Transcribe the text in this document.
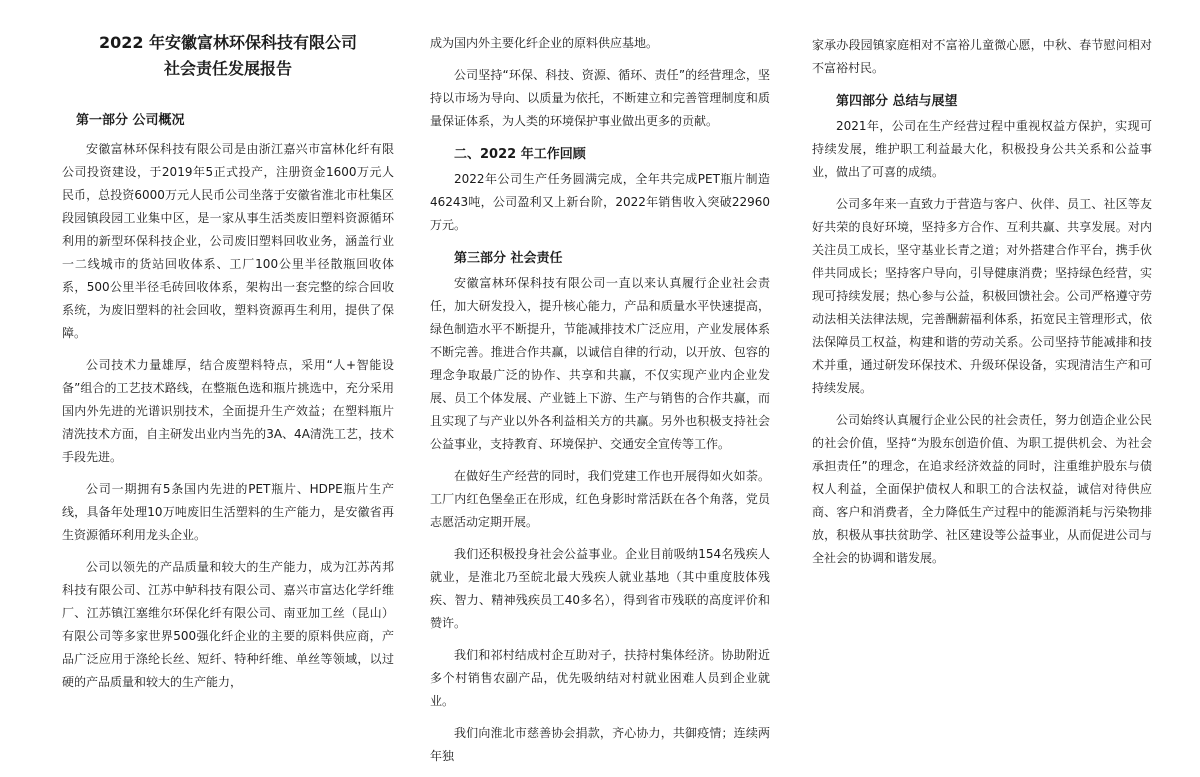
2022 年安徽富林环保科技有限公司
社会责任发展报告
第一部分 公司概况

安徽富林环保科技有限公司是由浙江嘉兴市富林化纤有限公司投资建设，于2019年5正式投产，注册资金1600万元人民币，总投资6000万元人民币公司坐落于安徽省淮北市杜集区段园镇段园工业集中区，是一家从事生活类废旧塑料资源循环利用的新型环保科技企业，公司废旧塑料回收业务，涵盖行业一二线城市的货站回收体系、工厂100公里半径散瓶回收体系，500公里半径毛砖回收体系，架构出一套完整的综合回收系统，为废旧塑料的社会回收，塑料资源再生利用，提供了保障。

公司技术力量雄厚，结合废塑料特点，采用“人+智能设备”组合的工艺技术路线，在整瓶色选和瓶片挑选中，充分采用国内外先进的光谱识别技术，全面提升生产效益；在塑料瓶片清洗技术方面，自主研发出业内当先的3A、4A清洗工艺，技术手段先进。

公司一期拥有5条国内先进的PET瓶片、HDPE瓶片生产线，具备年处理10万吨废旧生活塑料的生产能力，是安徽省再生资源循环利用龙头企业。

公司以领先的产品质量和较大的生产能力，成为江苏芮邦科技有限公司、江苏中鲈科技有限公司、嘉兴市富达化学纤维厂、江苏镇江塞维尔环保化纤有限公司、南亚加工丝（昆山）有限公司等多家世界500强化纤企业的主要的原料供应商，产品广泛应用于涤纶长丝、短纤、特种纤维、单丝等领域，以过硬的产品质量和较大的生产能力，

成为国内外主要化纤企业的原料供应基地。

公司坚持“环保、科技、资源、循环、责任”的经营理念，坚持以市场为导向、以质量为依托，不断建立和完善管理制度和质量保证体系，为人类的环境保护事业做出更多的贡献。

二、2022 年工作回顾

2022年公司生产任务圆满完成，全年共完成PET瓶片制造46243吨，公司盈利又上新台阶，2022年销售收入突破22960万元。

第三部分 社会责任

安徽富林环保科技有限公司一直以来认真履行企业社会责任，加大研发投入，提升核心能力，产品和质量水平快速提高，绿色制造水平不断提升，节能减排技术广泛应用，产业发展体系不断完善。推进合作共赢，以诚信自律的行动，以开放、包容的理念争取最广泛的协作、共享和共赢，不仅实现产业内企业发展、员工个体发展、产业链上下游、生产与销售的合作共赢，而且实现了与产业以外各利益相关方的共赢。另外也积极支持社会公益事业，支持教育、环境保护、交通安全宣传等工作。

在做好生产经营的同时，我们党建工作也开展得如火如荼。工厂内红色堡垒正在形成，红色身影时常活跃在各个角落，党员志愿活动定期开展。

我们还积极投身社会公益事业。企业目前吸纳154名残疾人就业，是淮北乃至皖北最大残疾人就业基地（其中重度肢体残疾、智力、精神残疾员工40多名），得到省市残联的高度评价和赞许。

我们和祁村结成村企互助对子，扶持村集体经济。协助附近多个村销售农副产品，优先吸纳结对村就业困难人员到企业就业。

我们向淮北市慈善协会捐款，齐心协力，共御疫情；连续两年独

家承办段园镇家庭相对不富裕儿童微心愿，中秋、春节慰问相对不富裕村民。

第四部分 总结与展望

2021年，公司在生产经营过程中重视权益方保护，实现可持续发展，维护职工利益最大化，积极投身公共关系和公益事业，做出了可喜的成绩。

公司多年来一直致力于营造与客户、伙伴、员工、社区等友好共荣的良好环境，坚持多方合作、互利共赢、共享发展。对内关注员工成长，坚守基业长青之道；对外搭建合作平台，携手伙伴共同成长；坚持客户导向，引导健康消费；坚持绿色经营，实现可持续发展；热心参与公益，积极回馈社会。公司严格遵守劳动法相关法律法规，完善酬薪福利体系，拓宽民主管理形式，依法保障员工权益，构建和谐的劳动关系。公司坚持节能减排和技术并重，通过研发环保技术、升级环保设备，实现清洁生产和可持续发展。

公司始终认真履行企业公民的社会责任，努力创造企业公民的社会价值，坚持“为股东创造价值、为职工提供机会、为社会承担责任”的理念，在追求经济效益的同时，注重维护股东与债权人利益，全面保护债权人和职工的合法权益，诚信对待供应商、客户和消费者，全力降低生产过程中的能源消耗与污染物排放，积极从事扶贫助学、社区建设等公益事业，从而促进公司与全社会的协调和谐发展。
